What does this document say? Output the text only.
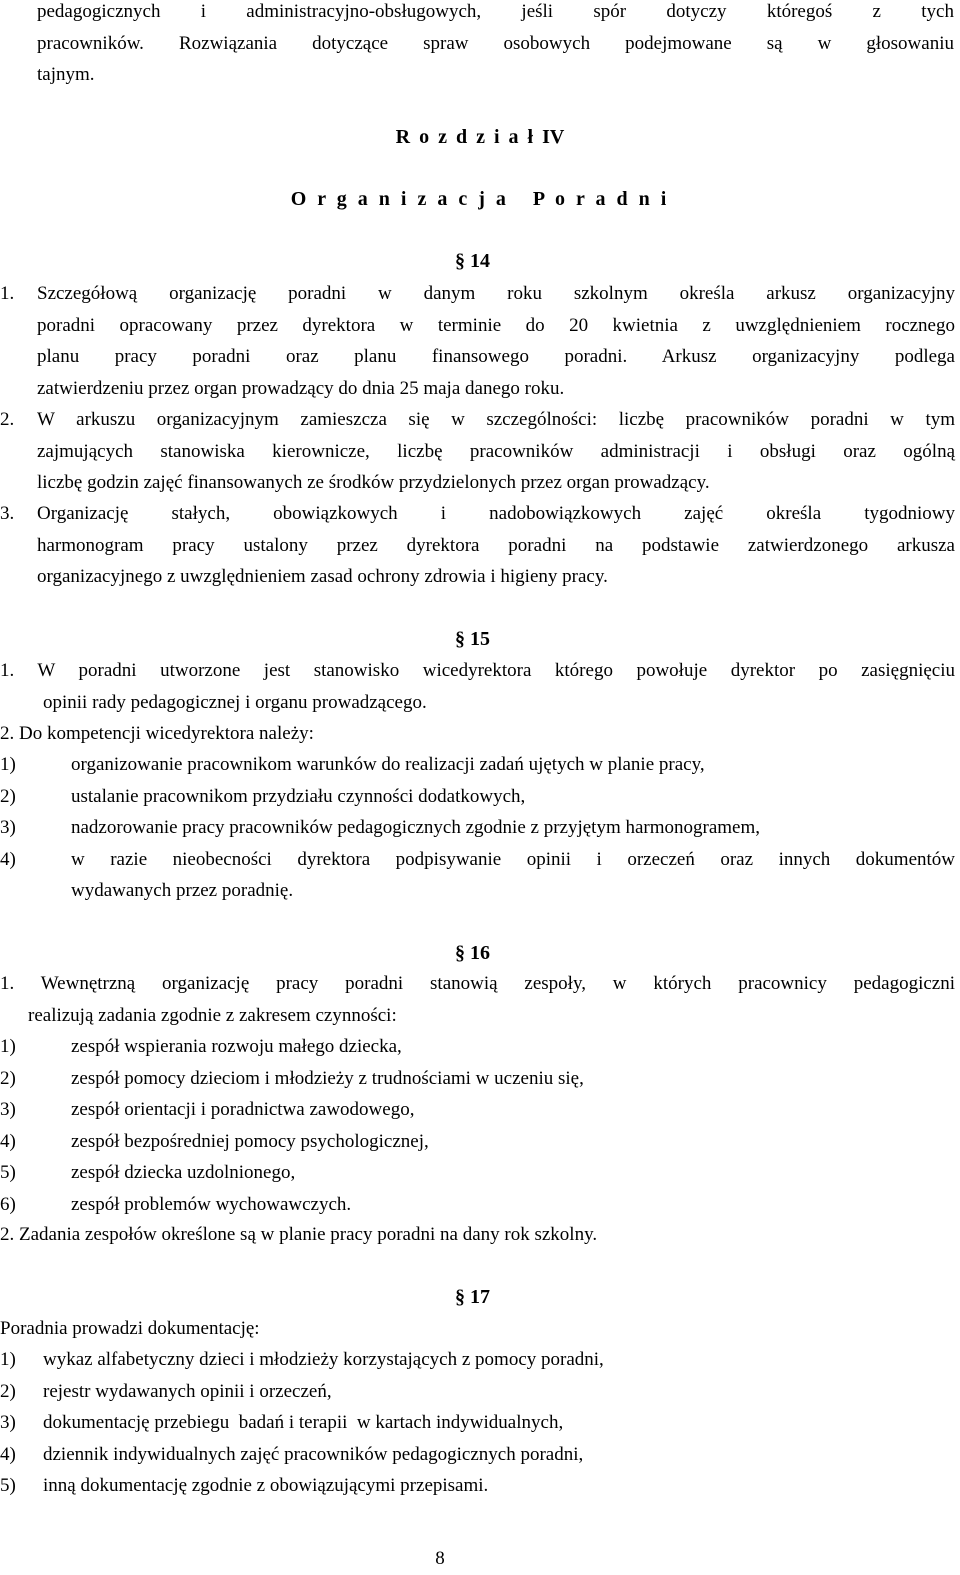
pedagogicznych i administracyjno-obsługowych, jeśli spór dotyczy któregoś z tych
pracowników. Rozwiązania dotyczące spraw osobowych podejmowane są w głosowaniu
tajnym.
R o z d z i a ł IV
O r g a n i z a c j a   P o r a d n i
§ 14
1.	Szczegółową organizację poradni w danym roku szkolnym określa arkusz organizacyjny
poradni opracowany przez dyrektora w terminie do 20 kwietnia z uwzględnieniem rocznego
planu pracy poradni oraz planu finansowego poradni. Arkusz organizacyjny podlega
zatwierdzeniu przez organ prowadzący do dnia 25 maja danego roku.
2.	W arkuszu organizacyjnym zamieszcza się w szczególności: liczbę pracowników poradni w tym
zajmujących stanowiska kierownicze, liczbę pracowników administracji i obsługi oraz ogólną
liczbę godzin zajęć finansowanych ze środków przydzielonych przez organ prowadzący.
3.	Organizację stałych, obowiązkowych i nadobowiązkowych zajęć określa tygodniowy
harmonogram pracy ustalony przez dyrektora poradni na podstawie zatwierdzonego arkusza
organizacyjnego z uwzględnieniem zasad ochrony zdrowia i higieny pracy.
§ 15
1. W poradni utworzone jest stanowisko wicedyrektora którego powołuje dyrektor po zasięgnięciu
opinii rady pedagogicznej i organu prowadzącego.
2. Do kompetencji wicedyrektora należy:
1)	organizowanie pracownikom warunków do realizacji zadań ujętych w planie pracy,
2)	ustalanie pracownikom przydziału czynności dodatkowych,
3)	nadzorowanie pracy pracowników pedagogicznych zgodnie z przyjętym harmonogramem,
4)	w razie nieobecności dyrektora podpisywanie opinii i orzeczeń oraz innych dokumentów
wydawanych przez poradnię.
§ 16
1. Wewnętrzną organizację pracy poradni stanowią zespoły, w których pracownicy pedagogiczni
realizują zadania zgodnie z zakresem czynności:
1)	zespół wspierania rozwoju małego dziecka,
2)	zespół pomocy dzieciom i młodzieży z trudnościami w uczeniu się,
3)	zespół orientacji i poradnictwa zawodowego,
4)	zespół bezpośredniej pomocy psychologicznej,
5)	zespół dziecka uzdolnionego,
6)	zespół problemów wychowawczych.
2. Zadania zespołów określone są w planie pracy poradni na dany rok szkolny.
§ 17
Poradnia prowadzi dokumentację:
1)	wykaz alfabetyczny dzieci i młodzieży korzystających z pomocy poradni,
2)	rejestr wydawanych opinii i orzeczeń,
3)	dokumentację przebiegu  badań i terapii  w kartach indywidualnych,
4)	dziennik indywidualnych zajęć pracowników pedagogicznych poradni,
5)	inną dokumentację zgodnie z obowiązującymi przepisami.
8
